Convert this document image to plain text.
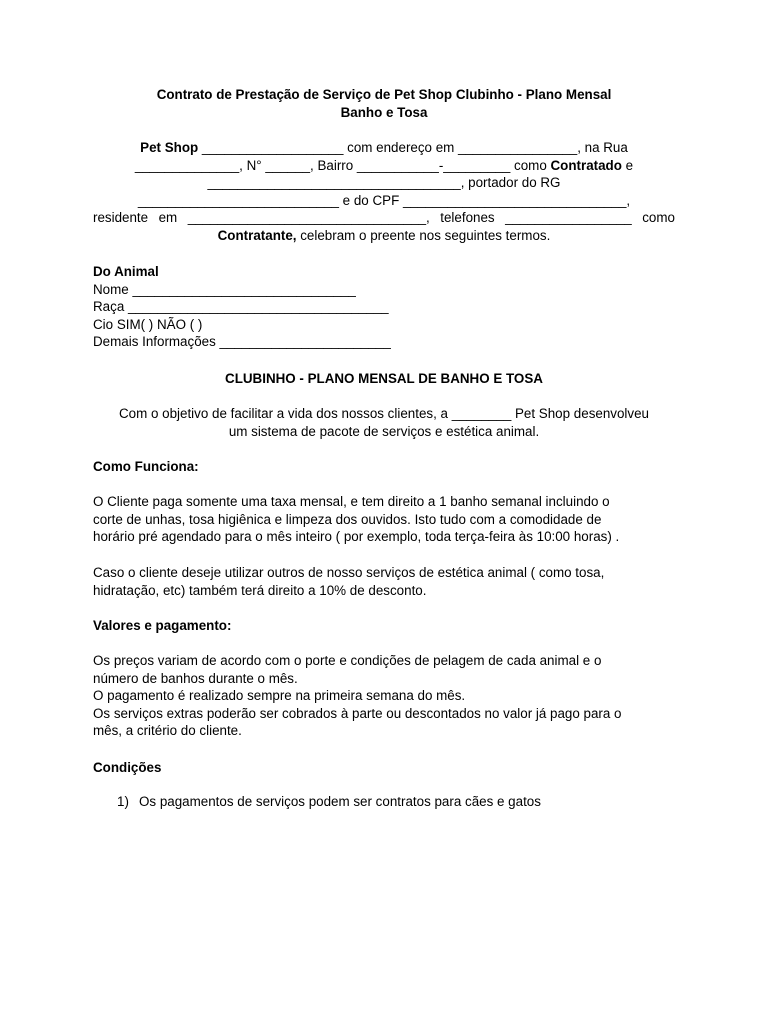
Contrato de Prestação de Serviço de Pet Shop Clubinho - Plano Mensal
Banho e Tosa
Pet Shop ___________________ com endereço em ________________, na Rua
______________, N° ______, Bairro ___________-_________ como Contratado e
__________________________________, portador do RG
___________________________ e do CPF ______________________________,
residente em ________________________________, telefones _________________ como
Contratante, celebram o preente nos seguintes termos.
Do Animal
Nome ______________________________
Raça ___________________________________
Cio SIM( ) NÃO ( )
Demais Informações _______________________
CLUBINHO - PLANO MENSAL DE BANHO E TOSA
Com o objetivo de facilitar a vida dos nossos clientes, a ________ Pet Shop desenvolveu
um sistema de pacote de serviços e estética animal.
Como Funciona:
O Cliente paga somente uma taxa mensal, e tem direito a 1 banho semanal incluindo o
corte de unhas, tosa higiênica e limpeza dos ouvidos. Isto tudo com a comodidade de
horário pré agendado para o mês inteiro ( por exemplo, toda terça-feira às 10:00 horas) .
Caso o cliente deseje utilizar outros de nosso serviços de estética animal ( como tosa,
hidratação, etc) também terá direito a 10% de desconto.
Valores e pagamento:
Os preços variam de acordo com o porte e condições de pelagem de cada animal e o
número de banhos durante o mês.
O pagamento é realizado sempre na primeira semana do mês.
Os serviços extras poderão ser cobrados à parte ou descontados no valor já pago para o
mês, a critério do cliente.
Condições
1) Os pagamentos de serviços podem ser contratos para cães e gatos
